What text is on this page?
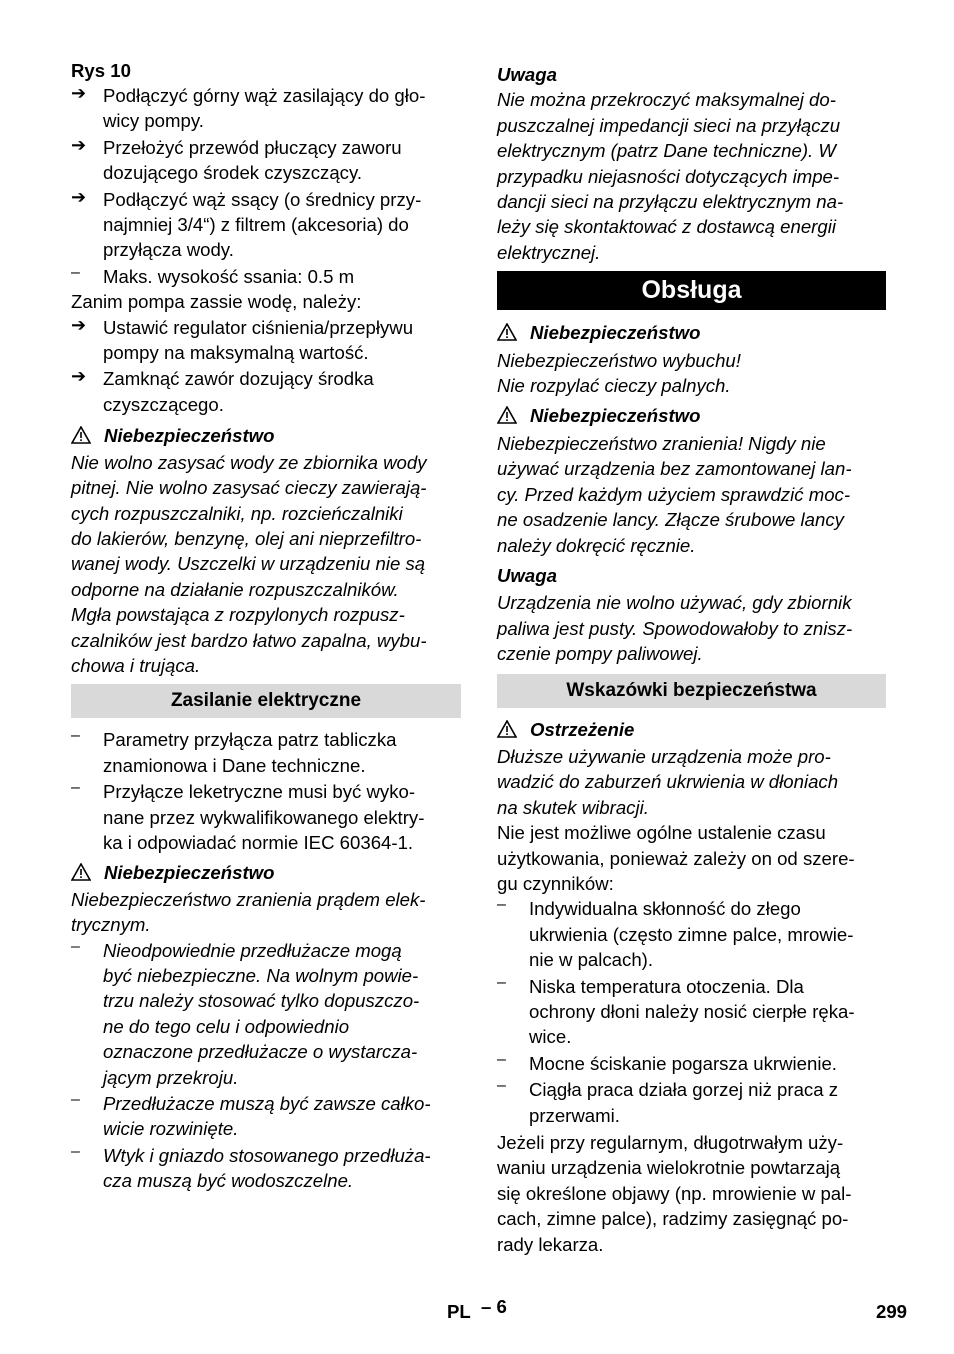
Rys 10
➔ Podłączyć górny wąż zasilający do gło-
wicy pompy.
➔ Przełożyć przewód płuczący zaworu
dozującego środek czyszczący.
➔ Podłączyć wąż ssący (o średnicy przy-
najmniej 3/4“) z filtrem (akcesoria) do
przyłącza wody.
– Maks. wysokość ssania: 0.5 m
Zanim pompa zassie wodę, należy:
➔ Ustawić regulator ciśnienia/przepływu
pompy na maksymalną wartość.
➔ Zamknąć zawór dozujący środka
czyszczącego.
Niebezpieczeństwo
Nie wolno zasysać wody ze zbiornika wody
pitnej. Nie wolno zasysać cieczy zawierają-
cych rozpuszczalniki, np. rozcieńczalniki
do lakierów, benzynę, olej ani nieprzefiltro-
wanej wody. Uszczelki w urządzeniu nie są
odporne na działanie rozpuszczalników.
Mgła powstająca z rozpylonych rozpusz-
czalników jest bardzo łatwo zapalna, wybu-
chowa i trująca.
Zasilanie elektryczne
– Parametry przyłącza patrz tabliczka
znamionowa i Dane techniczne.
– Przyłącze leketryczne musi być wyko-
nane przez wykwalifikowanego elektry-
ka i odpowiadać normie IEC 60364-1.
Niebezpieczeństwo
Niebezpieczeństwo zranienia prądem elek-
trycznym.
– Nieodpowiednie przedłużacze mogą
być niebezpieczne. Na wolnym powie-
trzu należy stosować tylko dopuszczo-
ne do tego celu i odpowiednio
oznaczone przedłużacze o wystarcza-
jącym przekroju.
– Przedłużacze muszą być zawsze całko-
wicie rozwinięte.
– Wtyk i gniazdo stosowanego przedłuża-
cza muszą być wodoszczelne.
Uwaga
Nie można przekroczyć maksymalnej do-
puszczalnej impedancji sieci na przyłączu
elektrycznym (patrz Dane techniczne). W
przypadku niejasności dotyczących impe-
dancji sieci na przyłączu elektrycznym na-
leży się skontaktować z dostawcą energii
elektrycznej.
Obsługa
Niebezpieczeństwo
Niebezpieczeństwo wybuchu!
Nie rozpylać cieczy palnych.
Niebezpieczeństwo
Niebezpieczeństwo zranienia! Nigdy nie
używać urządzenia bez zamontowanej lan-
cy. Przed każdym użyciem sprawdzić moc-
ne osadzenie lancy. Złącze śrubowe lancy
należy dokręcić ręcznie.
Uwaga
Urządzenia nie wolno używać, gdy zbiornik
paliwa jest pusty. Spowodowałoby to znisz-
czenie pompy paliwowej.
Wskazówki bezpieczeństwa
Ostrzeżenie
Dłuższe używanie urządzenia może pro-
wadzić do zaburzeń ukrwienia w dłoniach
na skutek wibracji.
Nie jest możliwe ogólne ustalenie czasu
użytkowania, ponieważ zależy on od szere-
gu czynników:
– Indywidualna skłonność do złego
ukrwienia (często zimne palce, mrowie-
nie w palcach).
– Niska temperatura otoczenia. Dla
ochrony dłoni należy nosić cierpłe ręka-
wice.
– Mocne ściskanie pogarsza ukrwienie.
– Ciągła praca działa gorzej niż praca z
przerwami.
Jeżeli przy regularnym, długotrwałym uży-
waniu urządzenia wielokrotnie powtarzają
się określone objawy (np. mrowienie w pal-
cach, zimne palce), radzimy zasięgnąć po-
rady lekarza.
PL – 6	299
